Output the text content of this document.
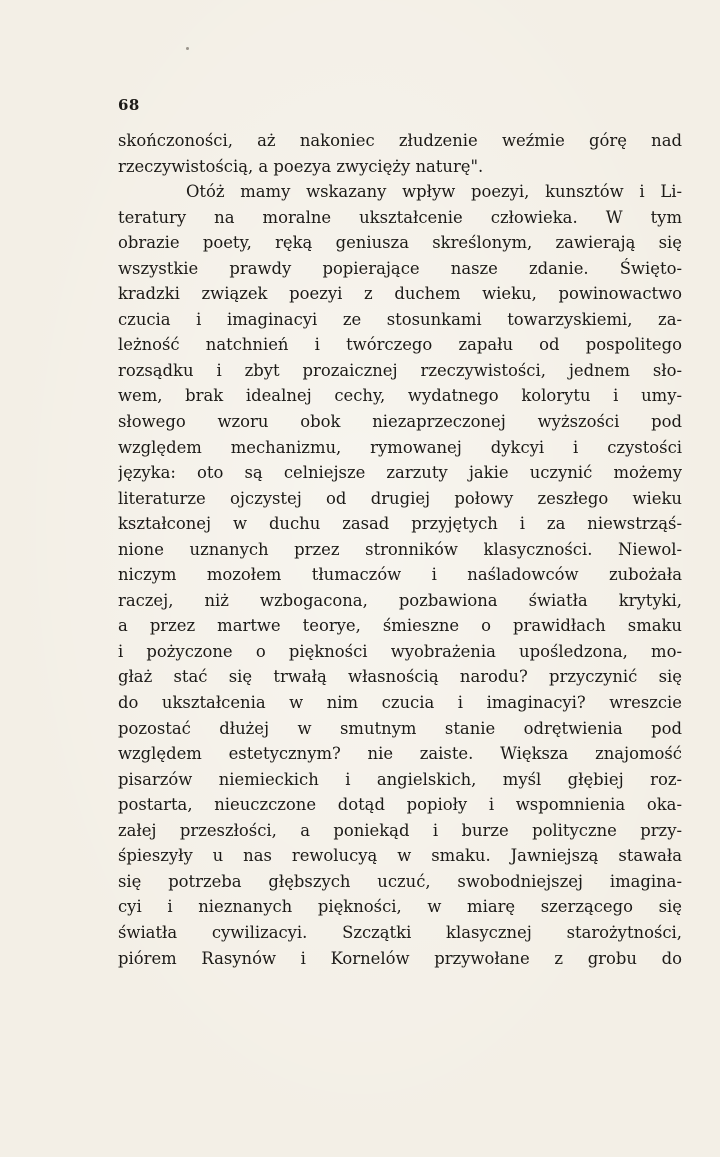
68
skończoności, aż nakoniec złudzenie weźmie górę nad
rzeczywistością, a poezya zwycięży naturę".
Otóż mamy wskazany wpływ poezyi, kunsztów i Li-
teratury na moralne ukształcenie człowieka. W tym
obrazie poety, ręką geniusza skreślonym, zawierają się
wszystkie prawdy popierające nasze zdanie. Święto-
kradzki związek poezyi z duchem wieku, powinowactwo
czucia i imaginacyi ze stosunkami towarzyskiemi, za-
leżność natchnień i twórczego zapału od pospolitego
rozsądku i zbyt prozaicznej rzeczywistości, jednem sło-
wem, brak idealnej cechy, wydatnego kolorytu i umy-
słowego wzoru obok niezaprzeczonej wyższości pod
względem mechanizmu, rymowanej dykcyi i czystości
języka: oto są celniejsze zarzuty jakie uczynić możemy
literaturze ojczystej od drugiej połowy zeszłego wieku
kształconej w duchu zasad przyjętych i za niewstrząś-
nione uznanych przez stronników klasyczności. Niewol-
niczym mozołem tłumaczów i naśladowców zubożała
raczej, niż wzbogacona, pozbawiona światła krytyki,
a przez martwe teorye, śmieszne o prawidłach smaku
i pożyczone o piękności wyobrażenia upośledzona, mo-
głaż stać się trwałą własnością narodu? przyczynić się
do ukształcenia w nim czucia i imaginacyi? wreszcie
pozostać dłużej w smutnym stanie odrętwienia pod
względem estetycznym? nie zaiste. Większa znajomość
pisarzów niemieckich i angielskich, myśl głębiej roz-
postarta, nieuczczone dotąd popioły i wspomnienia oka-
załej przeszłości, a poniekąd i burze polityczne przy-
śpieszyły u nas rewolucyą w smaku. Jawniejszą stawała
się potrzeba głębszych uczuć, swobodniejszej imagina-
cyi i nieznanych piękności, w miarę szerzącego się
światła cywilizacyi. Szczątki klasycznej starożytności,
piórem Rasynów i Kornelów przywołane z grobu do
